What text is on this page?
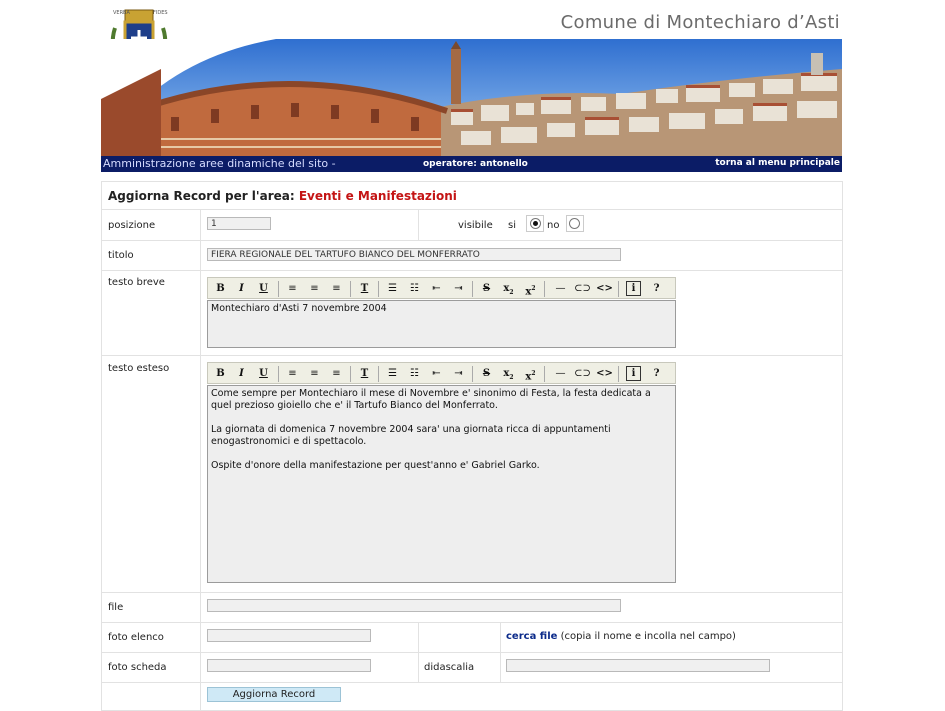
Comune di Montechiaro d’Asti
VERBA	FIDES
Amministrazione aree dinamiche del sito -	operatore: antonello	torna al menu principale
Aggiorna Record per l'area: Eventi e Manifestazioni
posizione	1	visibile si	no
titolo	FIERA REGIONALE DEL TARTUFO BIANCO DEL MONFERRATO
testo breve
B	I	U	≡	≡	≡	T	☰	☷	⇤	⇥	S	$x_2$	$x^2$	— ⊂⊃ <>	i	?
Montechiaro d'Asti 7 novembre 2004
testo esteso	B	I	U	≡	≡	≡	T	☰	☷	⇤	⇥	S	$x_2$	$x^2$	— ⊂⊃ <>	i	?
Come sempre per Montechiaro il mese di Novembre e' sinonimo di Festa, la festa dedicata a quel prezioso gioiello che e' il Tartufo Bianco del Monferrato.
La giornata di domenica 7 novembre 2004 sara' una giornata ricca di appuntamenti enogastronomici e di spettacolo.
Ospite d'onore della manifestazione per quest'anno e' Gabriel Garko.
file
foto elenco	cerca file (copia il nome e incolla nel campo)
foto scheda	didascalia
Aggiorna Record
